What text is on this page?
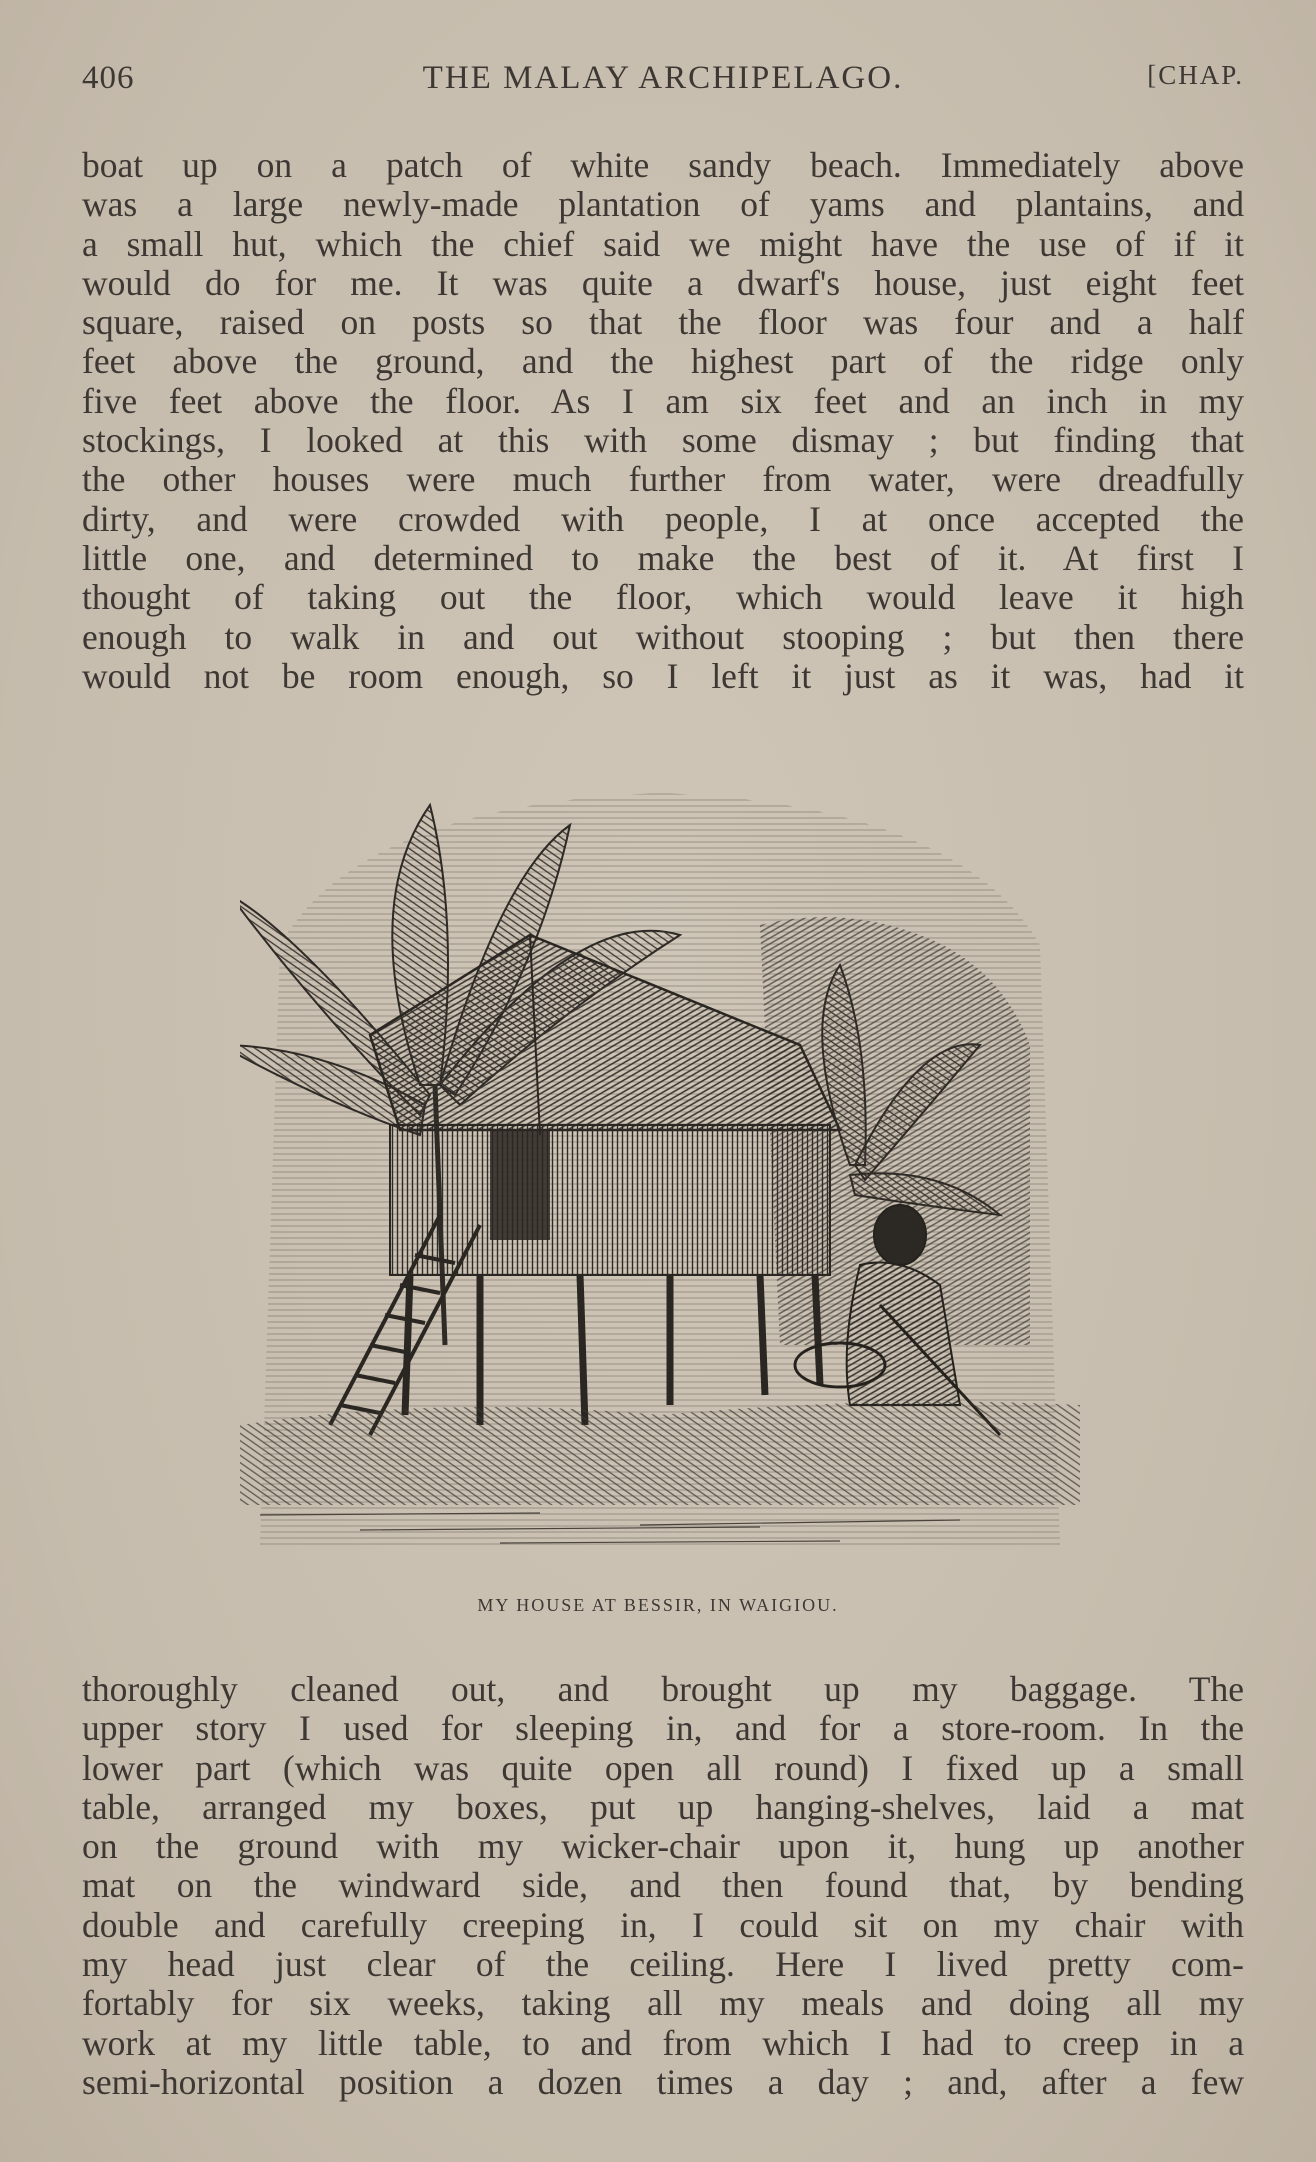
406	THE MALAY ARCHIPELAGO.	[CHAP.
boat up on a patch of white sandy beach. Immediately above
was a large newly-made plantation of yams and plantains, and
a small hut, which the chief said we might have the use of if it
would do for me. It was quite a dwarf's house, just eight feet
square, raised on posts so that the floor was four and a half
feet above the ground, and the highest part of the ridge only
five feet above the floor. As I am six feet and an inch in my
stockings, I looked at this with some dismay ; but finding that
the other houses were much further from water, were dreadfully
dirty, and were crowded with people, I at once accepted the
little one, and determined to make the best of it. At first I
thought of taking out the floor, which would leave it high
enough to walk in and out without stooping ; but then there
would not be room enough, so I left it just as it was, had it
MY HOUSE AT BESSIR, IN WAIGIOU.
thoroughly cleaned out, and brought up my baggage. The
upper story I used for sleeping in, and for a store-room. In the
lower part (which was quite open all round) I fixed up a small
table, arranged my boxes, put up hanging-shelves, laid a mat
on the ground with my wicker-chair upon it, hung up another
mat on the windward side, and then found that, by bending
double and carefully creeping in, I could sit on my chair with
my head just clear of the ceiling. Here I lived pretty com-
fortably for six weeks, taking all my meals and doing all my
work at my little table, to and from which I had to creep in a
semi-horizontal position a dozen times a day ; and, after a few
